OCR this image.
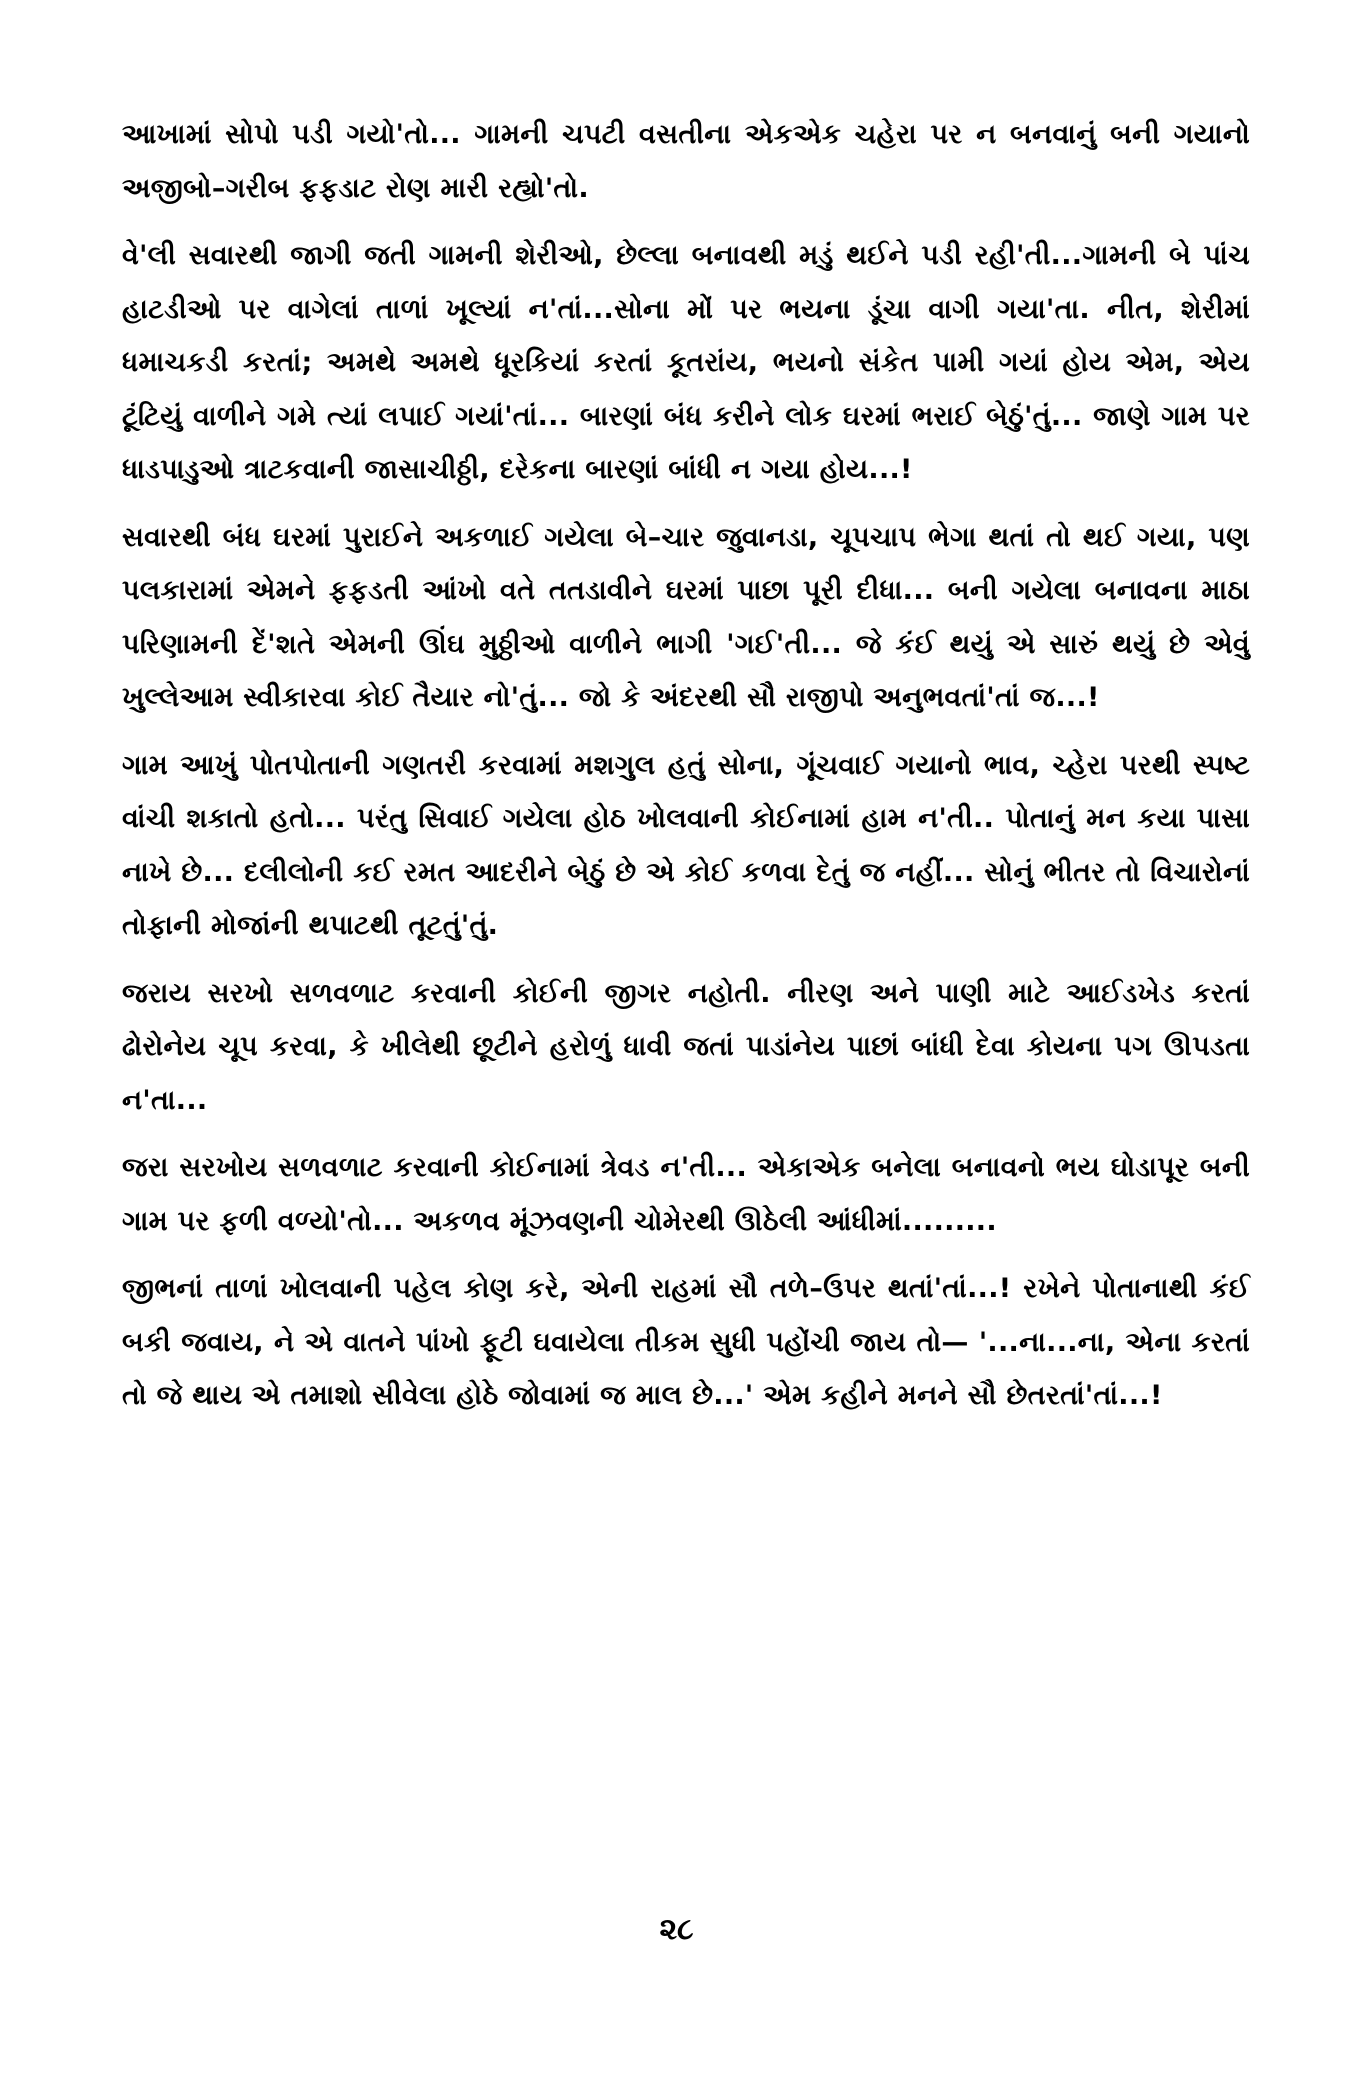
આખામાં સોપો પડી ગયો'તો... ગામની ચપટી વસતીના એકએક ચહેરા પર ન બનવાનું બની ગયાનો અજીબો–ગરીબ ફફડાટ રોણ મારી રહ્યો'તો.

વે'લી સવારથી જાગી જતી ગામની શેરીઓ, છેલ્લા બનાવથી મડું થઈને પડી રહી'તી...ગામની બે પાંચ હાટડીઓ પર વાગેલાં તાળાં ખૂલ્યાં ન'તાં...સોના મોં પર ભયના ડૂંચા વાગી ગયા'તા. નીત, શેરીમાં ધમાચકડી કરતાં; અમથે અમથે ધૂરકિયાં કરતાં કૂતરાંય, ભયનો સંકેત પામી ગયાં હોય એમ, એય ટૂંટિયું વાળીને ગમે ત્યાં લપાઈ ગયાં'તાં... બારણાં બંધ કરીને લોક ઘરમાં ભરાઈ બેઠું'તું... જાણે ગામ પર ધાડપાડુઓ ત્રાટકવાની જાસાચીઠ્ઠી, દરેકના બારણાં બાંધી ન ગયા હોય...!

સવારથી બંધ ઘરમાં પુરાઈને અકળાઈ ગયેલા બે–ચાર જુવાનડા, ચૂપચાપ ભેગા થતાં તો થઈ ગયા, પણ પલકારામાં એમને ફફડતી આંખો વતે તતડાવીને ઘરમાં પાછા પૂરી દીધા... બની ગયેલા બનાવના માઠા પરિણામની દેં'શતે એમની ઊંઘ મુઠ્ઠીઓ વાળીને ભાગી 'ગઈ'તી... જે કંઈ થયું એ સારું થયું છે એવું ખુલ્લેઆમ સ્વીકારવા કોઈ તૈયાર નો'તું... જો કે અંદરથી સૌ રાજીપો અનુભવતાં'તાં જ...!

ગામ આખું પોતપોતાની ગણતરી કરવામાં મશગુલ હતું સોના, ગૂંચવાઈ ગયાનો ભાવ, ચ્હેરા પરથી સ્પષ્ટ વાંચી શકાતો હતો... પરંતુ સિવાઈ ગયેલા હોઠ ખોલવાની કોઈનામાં હામ ન'તી.. પોતાનું મન કયા પાસા નાખે છે... દલીલોની કઈ રમત આદરીને બેઠું છે એ કોઈ કળવા દેતું જ નહીં... સોનું ભીતર તો વિચારોનાં તોફાની મોજાંની થપાટથી તૂટતું'તું.

જરાય સરખો સળવળાટ કરવાની કોઈની જીગર નહોતી. નીરણ અને પાણી માટે આઈડખેડ કરતાં ઢોરોનેય ચૂપ કરવા, કે ખીલેથી છૂટીને હરોળું ધાવી જતાં પાડાંનેય પાછાં બાંધી દેવા કોયના પગ ઊપડતા ન'તા...

જરા સરખોય સળવળાટ કરવાની કોઈનામાં ત્રેવડ ન'તી... એકાએક બનેલા બનાવનો ભય ઘોડાપૂર બની ગામ પર ફળી વળ્યો'તો... અકળવ મૂંઝવણની ચોમેરથી ઊઠેલી આંધીમાં.........

જીભનાં તાળાં ખોલવાની પહેલ કોણ કરે, એની રાહમાં સૌ તળે–ઉપર થતાં'તાં...! રખેને પોતાનાથી કંઈ બકી જવાય, ને એ વાતને પાંખો ફૂટી ઘવાયેલા તીકમ સુધી પહોંચી જાય તો— '...ના...ના, એના કરતાં તો જે થાય એ તમાશો સીવેલા હોઠે જોવામાં જ માલ છે...' એમ કહીને મનને સૌ છેતરતાં'તાં...!

૨૮
